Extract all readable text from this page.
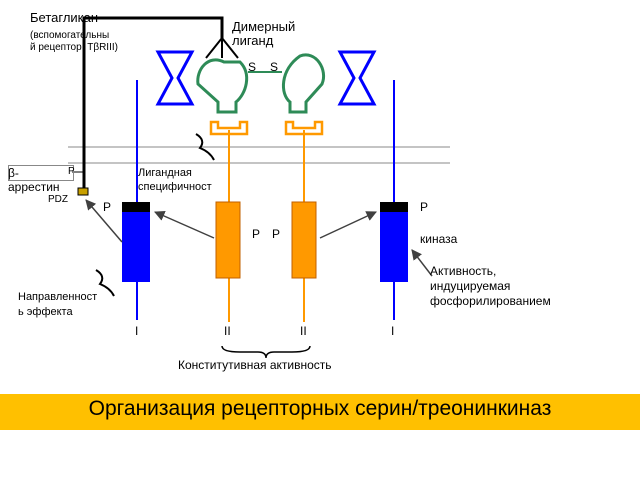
Бетагликан
(вспомогательны
й рецептор, TβRIII)
Димерный
лиганд
S S
β-
аррестин
P
PDZ
Лигандная
специфичност
P
P P
P
киназа
Активность,
индуцируемая
фосфорилированием
Направленност
ь эффекта
I	II	II	I
Конститутивная активность
Организация рецепторных серин/треонинкиназ
